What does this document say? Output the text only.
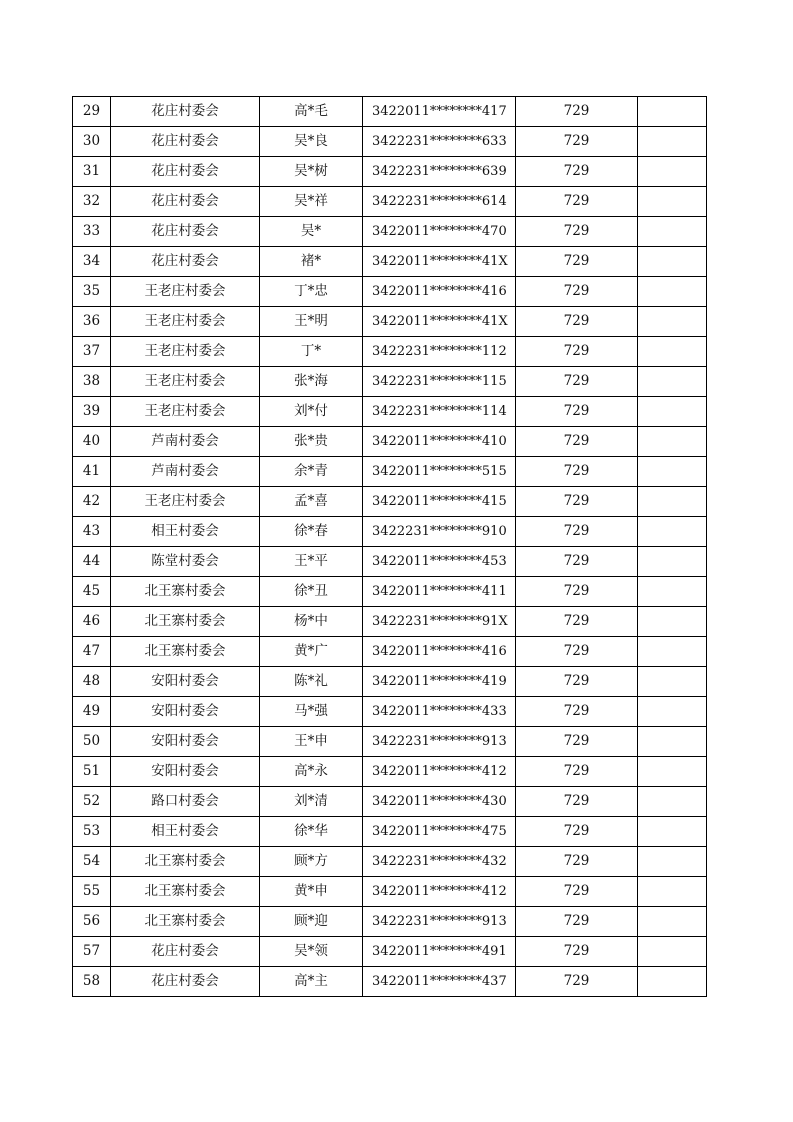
29	花庄村委会	高*毛	3422011********417	729	
30	花庄村委会	吴*良	3422231********633	729	
31	花庄村委会	吴*树	3422231********639	729	
32	花庄村委会	吴*祥	3422231********614	729	
33	花庄村委会	吴*	3422011********470	729	
34	花庄村委会	褚*	3422011********41X	729	
35	王老庄村委会	丁*忠	3422011********416	729	
36	王老庄村委会	王*明	3422011********41X	729	
37	王老庄村委会	丁*	3422231********112	729	
38	王老庄村委会	张*海	3422231********115	729	
39	王老庄村委会	刘*付	3422231********114	729	
40	芦南村委会	张*贵	3422011********410	729	
41	芦南村委会	余*青	3422011********515	729	
42	王老庄村委会	孟*喜	3422011********415	729	
43	相王村委会	徐*春	3422231********910	729	
44	陈堂村委会	王*平	3422011********453	729	
45	北王寨村委会	徐*丑	3422011********411	729	
46	北王寨村委会	杨*中	3422231********91X	729	
47	北王寨村委会	黄*广	3422011********416	729	
48	安阳村委会	陈*礼	3422011********419	729	
49	安阳村委会	马*强	3422011********433	729	
50	安阳村委会	王*申	3422231********913	729	
51	安阳村委会	高*永	3422011********412	729	
52	路口村委会	刘*清	3422011********430	729	
53	相王村委会	徐*华	3422011********475	729	
54	北王寨村委会	顾*方	3422231********432	729	
55	北王寨村委会	黄*申	3422011********412	729	
56	北王寨村委会	顾*迎	3422231********913	729	
57	花庄村委会	吴*领	3422011********491	729	
58	花庄村委会	高*主	3422011********437	729	
